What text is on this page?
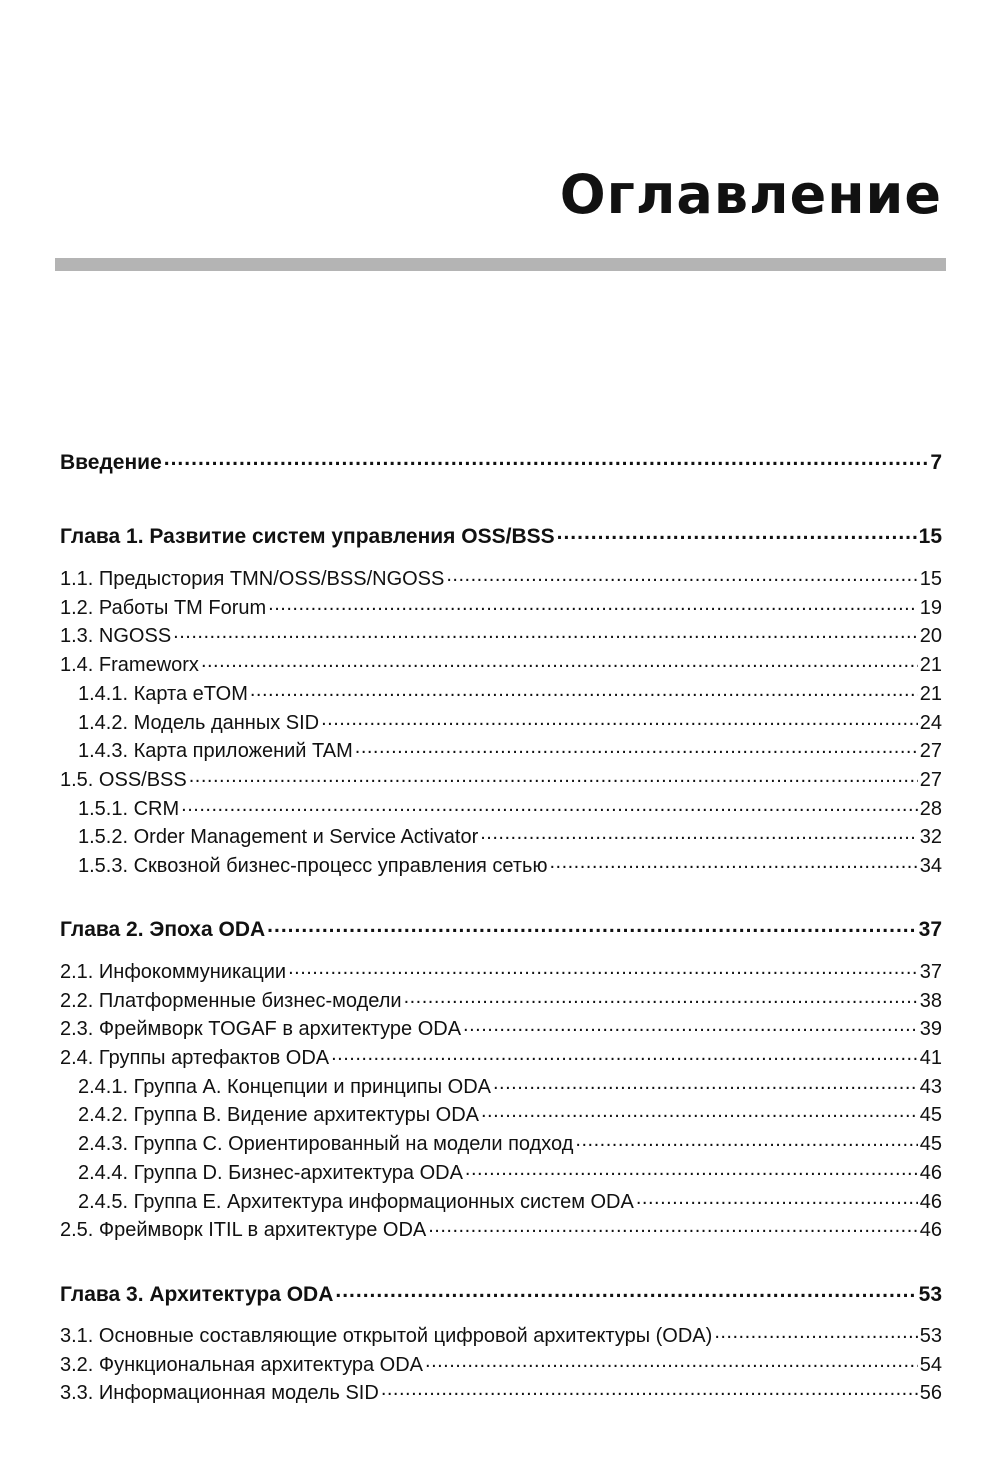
Оглавление
Введение .....	7
Глава 1. Развитие систем управления OSS/BSS .....	15
1.1. Предыстория TMN/OSS/BSS/NGOSS .....	15
1.2. Работы TM Forum .....	19
1.3. NGOSS .....	20
1.4. Frameworx .....	21
1.4.1. Карта eTOM .....	21
1.4.2. Модель данных SID .....	24
1.4.3. Карта приложений TAM .....	27
1.5. OSS/BSS .....	27
1.5.1. CRM .....	28
1.5.2. Order Management и Service Activator .....	32
1.5.3. Сквозной бизнес-процесс управления сетью .....	34
Глава 2. Эпоха ODA .....	37
2.1. Инфокоммуникации .....	37
2.2. Платформенные бизнес-модели .....	38
2.3. Фреймворк TOGAF в архитектуре ODA .....	39
2.4. Группы артефактов ODA .....	41
2.4.1. Группа А. Концепции и принципы ODA .....	43
2.4.2. Группа B. Видение архитектуры ODA .....	45
2.4.3. Группа C. Ориентированный на модели подход .....	45
2.4.4. Группа D. Бизнес-архитектура ODA .....	46
2.4.5. Группа E. Архитектура информационных систем ODA .....	46
2.5. Фреймворк ITIL в архитектуре ODA .....	46
Глава 3. Архитектура ODA .....	53
3.1. Основные составляющие открытой цифровой архитектуры (ODA) .....	53
3.2. Функциональная архитектура ODA .....	54
3.3. Информационная модель SID .....	56
